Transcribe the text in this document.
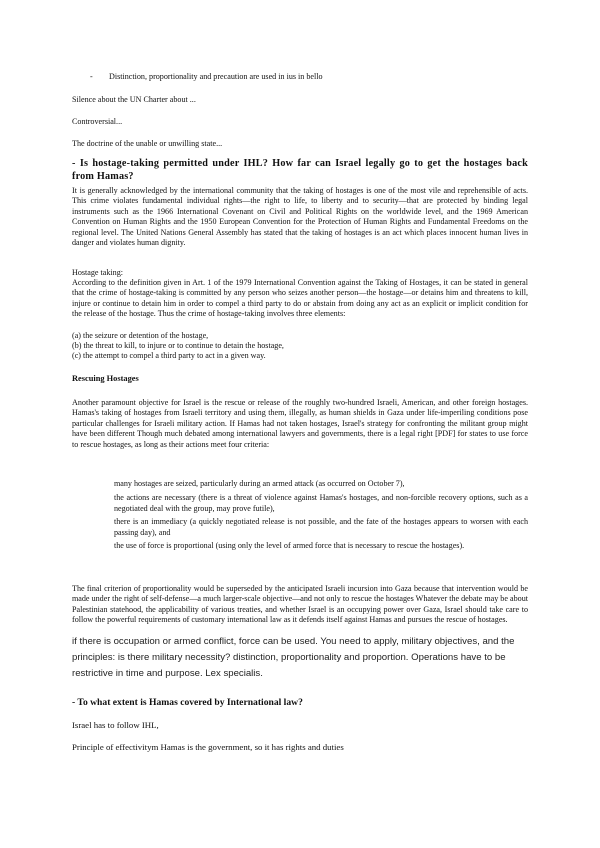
- Distinction, proportionality and precaution are used in ius in bello

Silence about the UN Charter about ...

Controversial...

The doctrine of the unable or unwilling state...

- Is hostage-taking permitted under IHL? How far can Israel legally go to get the hostages back from Hamas?

It is generally acknowledged by the international community that the taking of hostages is one of the most vile and reprehensible of acts. This crime violates fundamental individual rights—the right to life, to liberty and to security—that are protected by binding legal instruments such as the 1966 International Covenant on Civil and Political Rights on the worldwide level, and the 1969 American Convention on Human Rights and the 1950 European Convention for the Protection of Human Rights and Fundamental Freedoms on the regional level. The United Nations General Assembly has stated that the taking of hostages is an act which places innocent human lives in danger and violates human dignity.

Hostage taking:

According to the definition given in Art. 1 of the 1979 International Convention against the Taking of Hostages, it can be stated in general that the crime of hostage-taking is committed by any person who seizes another person—the hostage—or detains him and threatens to kill, injure or continue to detain him in order to compel a third party to do or abstain from doing any act as an explicit or implicit condition for the release of the hostage. Thus the crime of hostage-taking involves three elements:

(a) the seizure or detention of the hostage,

(b) the threat to kill, to injure or to continue to detain the hostage,

(c) the attempt to compel a third party to act in a given way.

Rescuing Hostages

Another paramount objective for Israel is the rescue or release of the roughly two-hundred Israeli, American, and other foreign hostages. Hamas's taking of hostages from Israeli territory and using them, illegally, as human shields in Gaza under life-imperiling conditions pose particular challenges for Israeli military action. If Hamas had not taken hostages, Israel's strategy for confronting the militant group might have been different Though much debated among international lawyers and governments, there is a legal right [PDF] for states to use force to rescue hostages, as long as their actions meet four criteria:

many hostages are seized, particularly during an armed attack (as occurred on October 7),

the actions are necessary (there is a threat of violence against Hamas's hostages, and non-forcible recovery options, such as a negotiated deal with the group, may prove futile),

there is an immediacy (a quickly negotiated release is not possible, and the fate of the hostages appears to worsen with each passing day), and

the use of force is proportional (using only the level of armed force that is necessary to rescue the hostages).

The final criterion of proportionality would be superseded by the anticipated Israeli incursion into Gaza because that intervention would be made under the right of self-defense—a much larger-scale objective—and not only to rescue the hostages Whatever the debate may be about Palestinian statehood, the applicability of various treaties, and whether Israel is an occupying power over Gaza, Israel should take care to follow the powerful requirements of customary international law as it defends itself against Hamas and pursues the rescue of hostages.

if there is occupation or armed conflict, force can be used. You need to apply, military objectives, and the principles: is there military necessity? distinction, proportionality and proportion. Operations have to be restrictive in time and purpose. Lex specialis.

- To what extent is Hamas covered by International law?

Israel has to follow IHL,

Principle of effectivitym Hamas is the government, so it has rights and duties
